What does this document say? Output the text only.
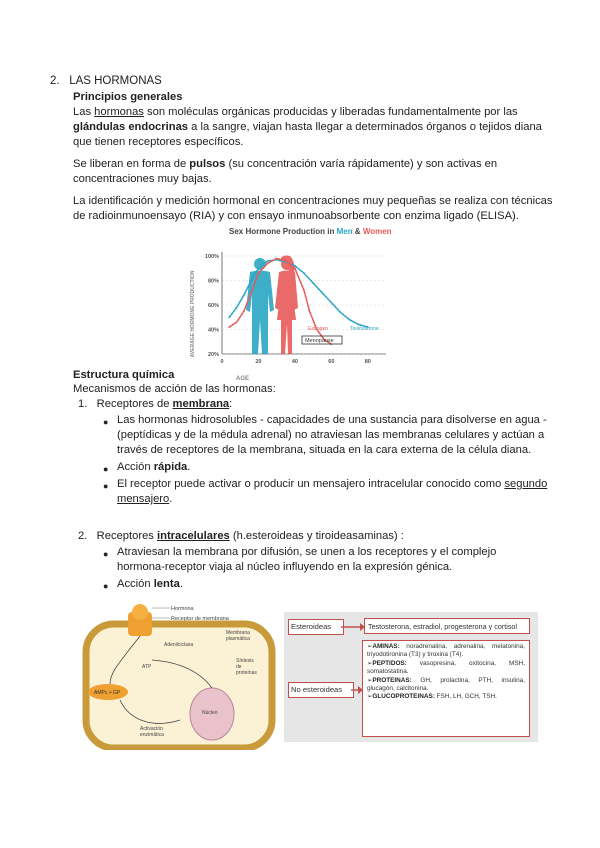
2. LAS HORMONAS
Principios generales

Las hormonas son moléculas orgánicas producidas y liberadas fundamentalmente por las

glándulas endocrinas a la sangre, viajan hasta llegar a determinados órganos o tejidos diana

que tienen receptores específicos.

Se liberan en forma de pulsos (su concentración varía rápidamente) y son activas en

concentraciones muy bajas.

La identificación y medición hormonal en concentraciones muy pequeñas se realiza con técnicas

de radioinmunoensayo (RIA) y con ensayo inmunoabsorbente con enzima ligado (ELISA).

Sex Hormone Production in Men & Women
AVERAGE HORMONE PRODUCTION
AGE
100%
80%
60%
40%
20%
0	20	40	60	80
Menopause
Estrogen	Testosterone
Estructura química
Mecanismos de acción de las hormonas:
1. Receptores de membrana:
● Las hormonas hidrosolubles - capacidades de una sustancia para disolverse en agua -

(peptídicas y de la médula adrenal) no atraviesan las membranas celulares y actúan a

través de receptores de la membrana, situada en la cara externa de la célula diana.

● Acción rápida.
● El receptor puede activar o producir un mensajero intracelular conocido como segundo

mensajero.

2. Receptores intracelulares (h.esteroideas y tiroideasaminas) :
● Atraviesan la membrana por difusión, se unen a los receptores y el complejo

hormona-receptor viaja al núcleo influyendo en la expresión génica.

● Acción lenta.
Hormona
Receptor de membrana
Membrana
plasmática
Adenilciclasa
ATP
AMPc + GP
Síntesis
de
proteínas
Núcleo
Activación
enzimática
Esteroideas	Testosterona, estradiol, progesterona y cortisol
No esteroideas
➢AMINAS: noradrenalina, adrenalina, melatonina, triyodotironina (T3) y tiroxina (T4).
➢PEPTIDOS: vasopresina, oxitocina, MSH, somatostatina.
➢PROTEINAS: GH, prolactina, PTH, insulina, glucagón, calcitonina.
➢GLUCOPROTEINAS: FSH, LH, GCH, TSH.
